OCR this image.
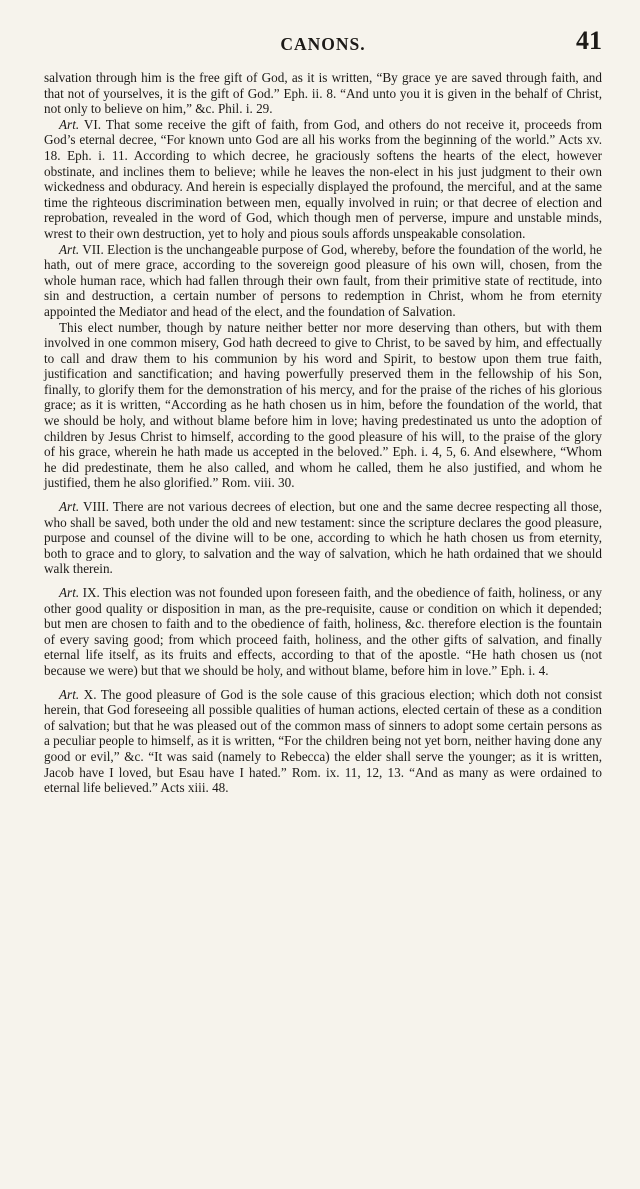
CANONS.	41

salvation through him is the free gift of God, as it is written, “By grace ye are saved through faith, and that not of yourselves, it is the gift of God.” Eph. ii. 8. “And unto you it is given in the behalf of Christ, not only to believe on him,” &c. Phil. i. 29.

Art. VI. That some receive the gift of faith, from God, and others do not receive it, proceeds from God’s eternal decree, “For known unto God are all his works from the beginning of the world.” Acts xv. 18. Eph. i. 11. According to which decree, he graciously softens the hearts of the elect, however obstinate, and inclines them to believe; while he leaves the non-elect in his just judgment to their own wickedness and obduracy. And herein is especially displayed the profound, the merciful, and at the same time the righteous discrimination between men, equally involved in ruin; or that decree of election and reprobation, revealed in the word of God, which though men of perverse, impure and unstable minds, wrest to their own destruction, yet to holy and pious souls affords unspeakable consolation.

Art. VII. Election is the unchangeable purpose of God, whereby, before the foundation of the world, he hath, out of mere grace, according to the sovereign good pleasure of his own will, chosen, from the whole human race, which had fallen through their own fault, from their primitive state of rectitude, into sin and destruction, a certain number of persons to redemption in Christ, whom he from eternity appointed the Mediator and head of the elect, and the foundation of Salvation.

This elect number, though by nature neither better nor more deserving than others, but with them involved in one common misery, God hath decreed to give to Christ, to be saved by him, and effectually to call and draw them to his communion by his word and Spirit, to bestow upon them true faith, justification and sanctification; and having powerfully preserved them in the fellowship of his Son, finally, to glorify them for the demonstration of his mercy, and for the praise of the riches of his glorious grace; as it is written, “According as he hath chosen us in him, before the foundation of the world, that we should be holy, and without blame before him in love; having predestinated us unto the adoption of children by Jesus Christ to himself, according to the good pleasure of his will, to the praise of the glory of his grace, wherein he hath made us accepted in the beloved.” Eph. i. 4, 5, 6. And elsewhere, “Whom he did predestinate, them he also called, and whom he called, them he also justified, and whom he justified, them he also glorified.” Rom. viii. 30.

Art. VIII. There are not various decrees of election, but one and the same decree respecting all those, who shall be saved, both under the old and new testament: since the scripture declares the good pleasure, purpose and counsel of the divine will to be one, according to which he hath chosen us from eternity, both to grace and to glory, to salvation and the way of salvation, which he hath ordained that we should walk therein.

Art. IX. This election was not founded upon foreseen faith, and the obedience of faith, holiness, or any other good quality or disposition in man, as the pre-requisite, cause or condition on which it depended; but men are chosen to faith and to the obedience of faith, holiness, &c. therefore election is the fountain of every saving good; from which proceed faith, holiness, and the other gifts of salvation, and finally eternal life itself, as its fruits and effects, according to that of the apostle. “He hath chosen us (not because we were) but that we should be holy, and without blame, before him in love.” Eph. i. 4.

Art. X. The good pleasure of God is the sole cause of this gracious election; which doth not consist herein, that God foreseeing all possible qualities of human actions, elected certain of these as a condition of salvation; but that he was pleased out of the common mass of sinners to adopt some certain persons as a peculiar people to himself, as it is written, “For the children being not yet born, neither having done any good or evil,” &c. “It was said (namely to Rebecca) the elder shall serve the younger; as it is written, Jacob have I loved, but Esau have I hated.” Rom. ix. 11, 12, 13. “And as many as were ordained to eternal life believed.” Acts xiii. 48.
